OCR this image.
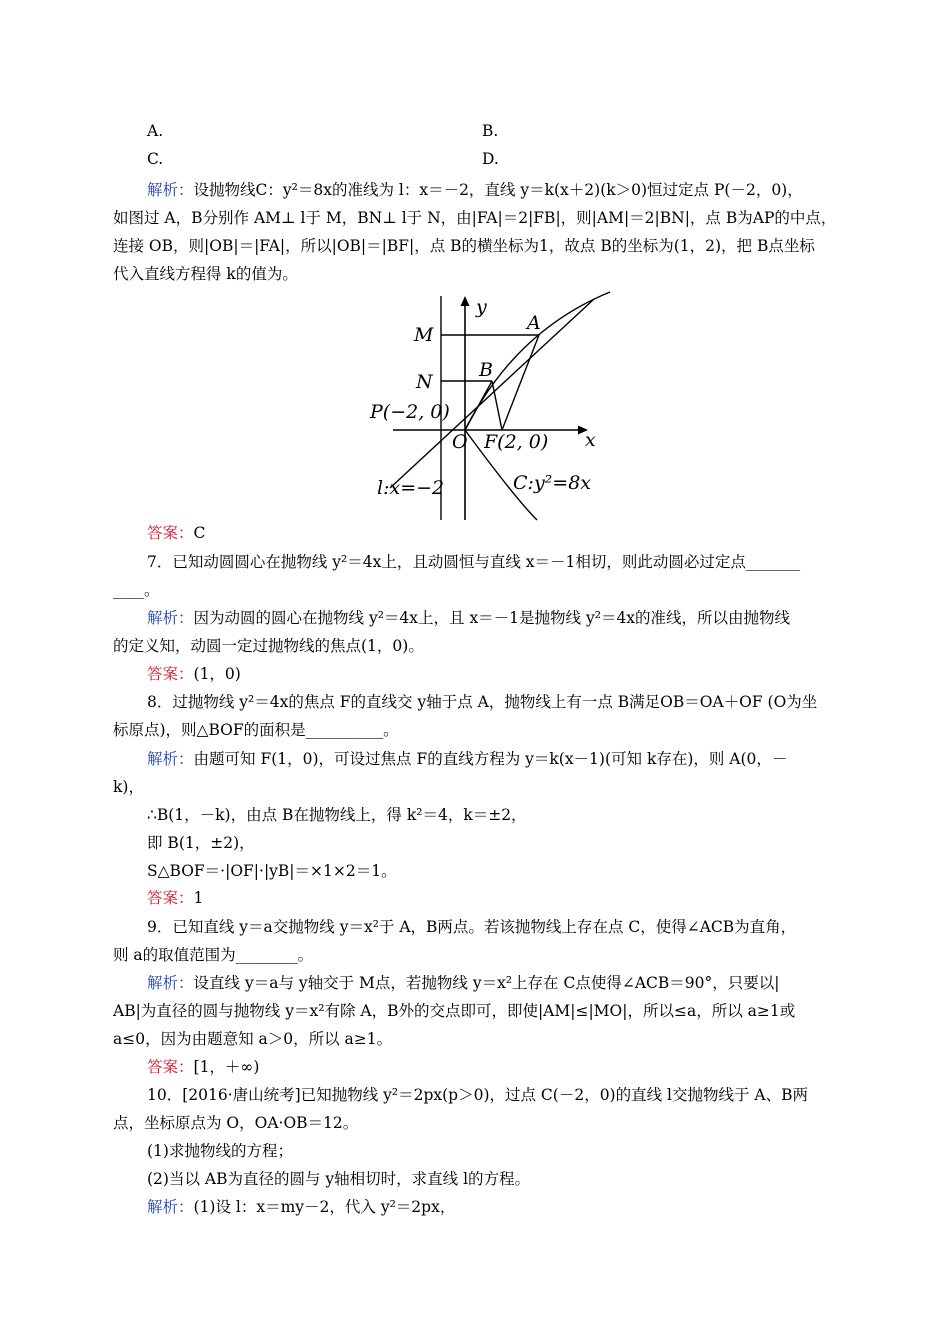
A.	B.
C.	D.
解析：设抛物线C：y²＝8x的准线为 l：x＝－2，直线 y＝k(x＋2)(k＞0)恒过定点 P(－2，0)，
如图过 A，B分别作 AM⊥ l于 M，BN⊥ l于 N，由|FA|＝2|FB|，则|AM|＝2|BN|，点 B为AP的中点，
连接 OB，则|OB|＝|FA|，所以|OB|＝|BF|，点 B的横坐标为1，故点 B的坐标为(1，2)，把 B点坐标
代入直线方程得 k的值为。
y
x
A
M
B
N
P(−2, 0)
O F(2, 0)
l:x=−2	C:y²=8x
答案：C
7．已知动圆圆心在抛物线 y²＝4x上，且动圆恒与直线 x＝－1相切，则此动圆必过定点_______
____。
解析：因为动圆的圆心在抛物线 y²＝4x上，且 x＝－1是抛物线 y²＝4x的准线，所以由抛物线
的定义知，动圆一定过抛物线的焦点(1，0)。
答案：(1，0)
8．过抛物线 y²＝4x的焦点 F的直线交 y轴于点 A，抛物线上有一点 B满足OB＝OA＋OF (O为坐
标原点)，则△BOF的面积是__________。
解析：由题可知 F(1，0)，可设过焦点 F的直线方程为 y＝k(x－1)(可知 k存在)，则 A(0，－
k)，
∴B(1，－k)，由点 B在抛物线上，得 k²＝4，k＝±2，
即 B(1，±2)，
S△BOF＝·|OF|·|yB|＝×1×2＝1。
答案：1
9．已知直线 y＝a交抛物线 y＝x²于 A，B两点。若该抛物线上存在点 C，使得∠ACB为直角，
则 a的取值范围为________。
解析：设直线 y＝a与 y轴交于 M点，若抛物线 y＝x²上存在 C点使得∠ACB＝90°，只要以|
AB|为直径的圆与抛物线 y＝x²有除 A，B外的交点即可，即使|AM|≤|MO|，所以≤a，所以 a≥1或
a≤0，因为由题意知 a＞0，所以 a≥1。
答案：[1，＋∞)
10．[2016·唐山统考]已知抛物线 y²＝2px(p＞0)，过点 C(－2，0)的直线 l交抛物线于 A、B两
点，坐标原点为 O，OA·OB＝12。
(1)求抛物线的方程；
(2)当以 AB为直径的圆与 y轴相切时，求直线 l的方程。
解析：(1)设 l：x＝my－2，代入 y²＝2px，
